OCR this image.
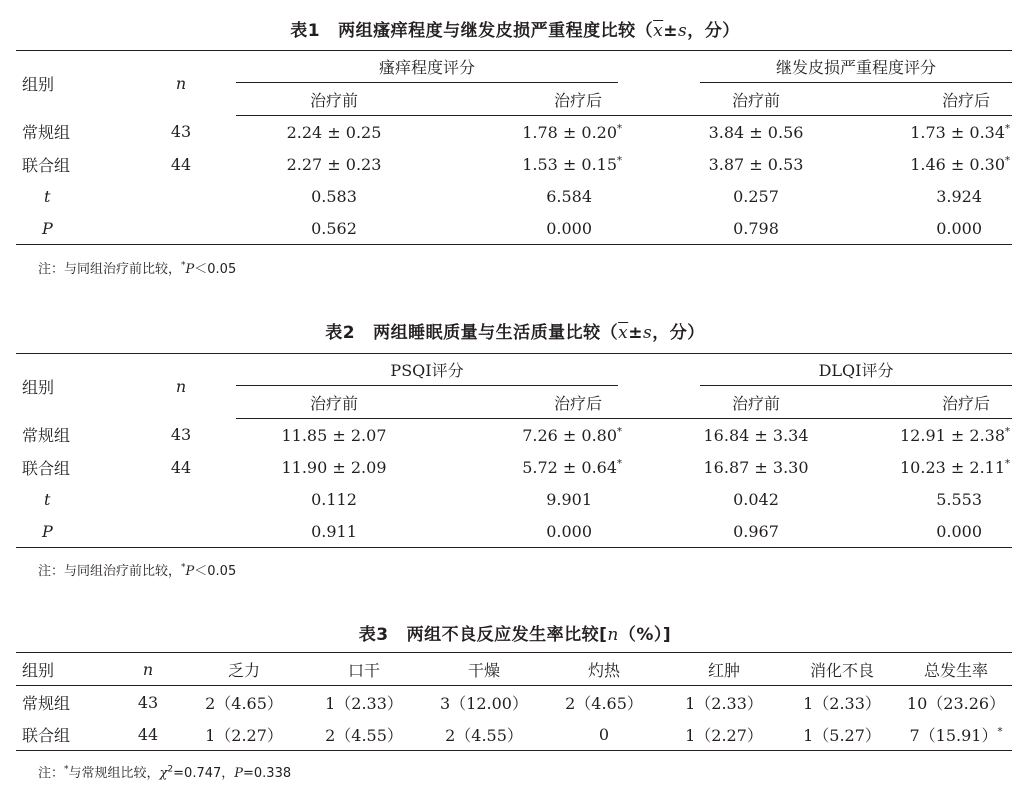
表1 两组瘙痒程度与继发皮损严重程度比较（$\overline{x}\pm s$，分）
组别	n	瘙痒程度评分		继发皮损严重程度评分	

		治疗前	治疗后	治疗前	治疗后
常规组	43	2.24 ± 0.25	1.78 ± 0.20*	3.84 ± 0.56	1.73 ± 0.34*
联合组	44	2.27 ± 0.23	1.53 ± 0.15*	3.87 ± 0.53	1.46 ± 0.30*
t		0.583	6.584	0.257	3.924
P		0.562	0.000	0.798	0.000
注：与同组治疗前比较，*P＜0.05
表2 两组睡眠质量与生活质量比较（$\overline{x}\pm s$，分）
组别	n	PSQI评分		DLQI评分	

		治疗前	治疗后	治疗前	治疗后
常规组	43	11.85 ± 2.07	7.26 ± 0.80*	16.84 ± 3.34	12.91 ± 2.38*
联合组	44	11.90 ± 2.09	5.72 ± 0.64*	16.87 ± 3.30	10.23 ± 2.11*
t		0.112	9.901	0.042	5.553
P		0.911	0.000	0.967	0.000
注：与同组治疗前比较，*P＜0.05
表3 两组不良反应发生率比较[n（%）]
组别	n	乏力	口干	干燥	灼热	红肿	消化不良	总发生率
常规组	43	2（4.65）	1（2.33）	3（12.00）	2（4.65）	1（2.33）	1（2.33）	10（23.26）
联合组	44	1（2.27）	2（4.55）	2（4.55）	0	1（2.27）	1（5.27）	7（15.91）*
注：*与常规组比较，$\chi^2=0.747$，P=0.338
